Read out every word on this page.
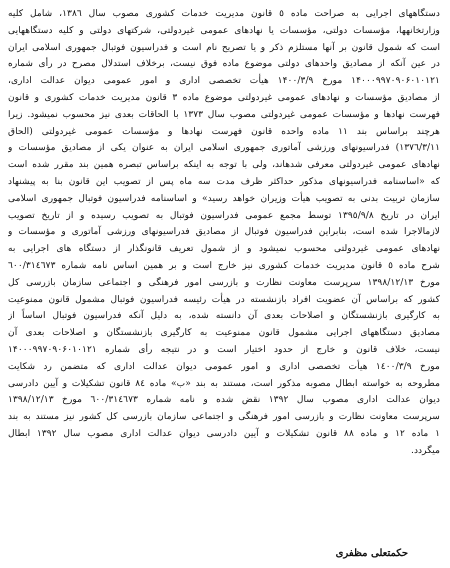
دستگاههای اجرایی به صراحت ماده ٥ قانون مدیریت خدمات کشوری مصوب سال ١٣٨٦، شامل کلیه
وزارتخانهها، مؤسسات دولتی، مؤسسات یا نهادهای عمومی غیردولتی، شرکتهای دولتی و کلیه دستگاههایی
است که شمول قانون بر آنها مستلزم ذکر و یا تصریح نام است و فدراسیون فوتبال جمهوری اسلامی ایران
در عین آنکه از مصادیق واحدهای دولتی موضوع ماده فوق نیست، برخلاف استدلال مصرح در رأی شماره
۱۴۰۰۰۹۹۷۰۹۰۶۰۱۰۱۲۱ مورخ ۱۴۰۰/۳/۹ هیأت تخصصی اداری و امور عمومی دیوان عدالت اداری،
از مصادیق مؤسسات و نهادهای عمومی غیردولتی موضوع ماده ٣ قانون مدیریت خدمات کشوری و قانون
فهرست نهادها و مؤسسات عمومی غیردولتی مصوب سال ١٣٧٣ با الحاقات بعدی نیز محسوب نمیشود. زیرا
هرچند براساس بند ١١ ماده واحده قانون فهرست نهادها و مؤسسات عمومی غیردولتی (الحاق
١٣٧٦/٣/١١) فدراسیونهای ورزشی آماتوری جمهوری اسلامی ایران به عنوان یکی از مصادیق مؤسسات و
نهادهای عمومی غیردولتی معرفی شدهاند، ولی با توجه به اینکه براساس تبصره همین بند مقرر شده است
که «اساسنامه فدراسیونهای مذکور حداکثر ظرف مدت سه ماه پس از تصویب این قانون بنا به پیشنهاد
سازمان تربیت بدنی به تصویب هیأت وزیران خواهد رسید» و اساسنامه فدراسیون فوتبال جمهوری اسلامی
ایران در تاریخ ١٣٩٥/٩/٨ توسط مجمع عمومی فدراسیون فوتبال به تصویب رسیده و از تاریخ تصویب
لازمالاجرا شده است، بنابراین فدراسیون فوتبال از مصادیق فدراسیونهای ورزشی آماتوری و مؤسسات و
نهادهای عمومی غیردولتی محسوب نمیشود و از شمول تعریف قانونگذار از دستگاه های اجرایی به
شرح ماده ٥ قانون مدیریت خدمات کشوری نیز خارج است و بر همین اساس نامه شماره ٦٠٠/٣١٤٦٧٣
مورخ ١٣٩٨/١٢/١٣ سرپرست معاونت نظارت و بازرسی امور فرهنگی و اجتماعی سازمان بازرسی کل
کشور که براساس آن عضویت افراد بازنشسته در هیأت رئیسه فدراسیون فوتبال مشمول قانون ممنوعیت
به کارگیری بازنشستگان و اصلاحات بعدی آن دانسته شده، به دلیل آنکه فدراسیون فوتبال اساساً از
مصادیق دستگاههای اجرایی مشمول قانون ممنوعیت به کارگیری بازنشستگان و اصلاحات بعدی آن
نیست، خلاف قانون و خارج از حدود اختیار است و در نتیجه رأی شماره ۱۴۰۰۰۹۹۷۰۹۰۶۰۱۰۱۲۱
مورخ ١٤٠٠/٣/٩ هیأت تخصصی اداری و امور عمومی دیوان عدالت اداری که متضمن رد شکایت
مطروحه به خواسته ابطال مصوبه مذکور است، مستند به بند «ب» ماده ٨٤ قانون تشکیلات و آیین دادرسی
دیوان عدالت اداری مصوب سال ١٣٩٢ نقض شده و نامه شماره ٦٠٠/٣١٤٦٧٣ مورخ ١٣٩٨/١٢/١٣
سرپرست معاونت نظارت و بازرسی امور فرهنگی و اجتماعی سازمان بازرسی کل کشور نیز مستند به بند
١ ماده ١٢ و ماده ٨٨ قانون تشکیلات و آیین دادرسی دیوان عدالت اداری مصوب سال ١٣٩٢ ابطال
میگردد.
حکمتعلی مظفری
